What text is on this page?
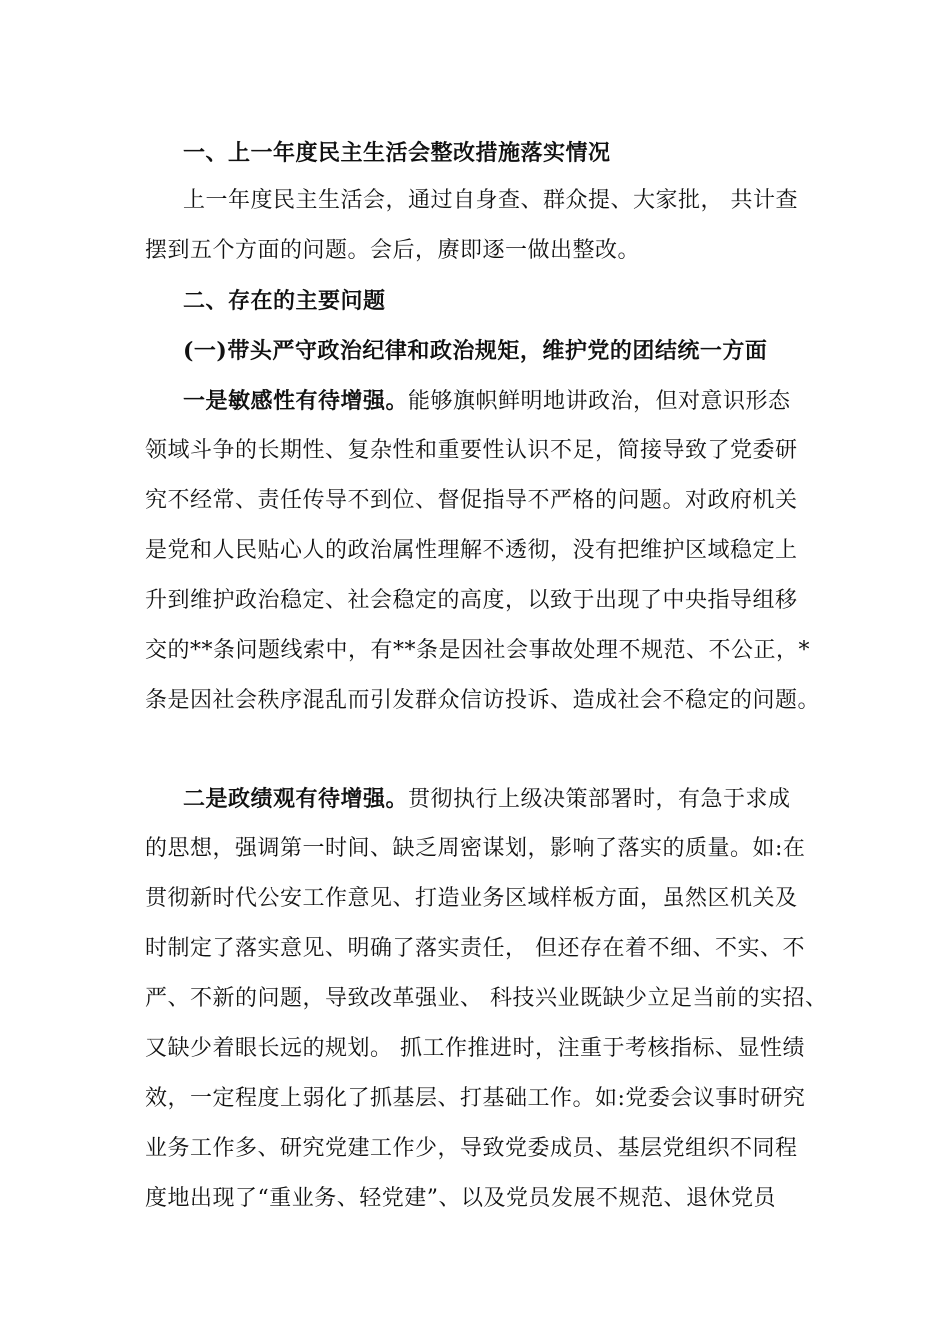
一、上一年度民主生活会整改措施落实情况
上一年度民主生活会，通过自身查、群众提、大家批， 共计查
摆到五个方面的问题。会后，赓即逐一做出整改。
二、存在的主要问题
(一)带头严守政治纪律和政治规矩，维护党的团结统一方面
一是敏感性有待增强。能够旗帜鲜明地讲政治，但对意识形态
领域斗争的长期性、复杂性和重要性认识不足，简接导致了党委研
究不经常、责任传导不到位、督促指导不严格的问题。对政府机关
是党和人民贴心人的政治属性理解不透彻，没有把维护区域稳定上
升到维护政治稳定、社会稳定的高度，以致于出现了中央指导组移
交的**条问题线索中，有**条是因社会事故处理不规范、不公正，*
条是因社会秩序混乱而引发群众信访投诉、造成社会不稳定的问题。
二是政绩观有待增强。贯彻执行上级决策部署时，有急于求成
的思想，强调第一时间、缺乏周密谋划，影响了落实的质量。如:在
贯彻新时代公安工作意见、打造业务区域样板方面，虽然区机关及
时制定了落实意见、明确了落实责任， 但还存在着不细、不实、不
严、不新的问题，导致改革强业、 科技兴业既缺少立足当前的实招、
又缺少着眼长远的规划。 抓工作推进时，注重于考核指标、显性绩
效，一定程度上弱化了抓基层、打基础工作。如:党委会议事时研究
业务工作多、研究党建工作少，导致党委成员、基层党组织不同程
度地出现了“重业务、轻党建”、以及党员发展不规范、退休党员
